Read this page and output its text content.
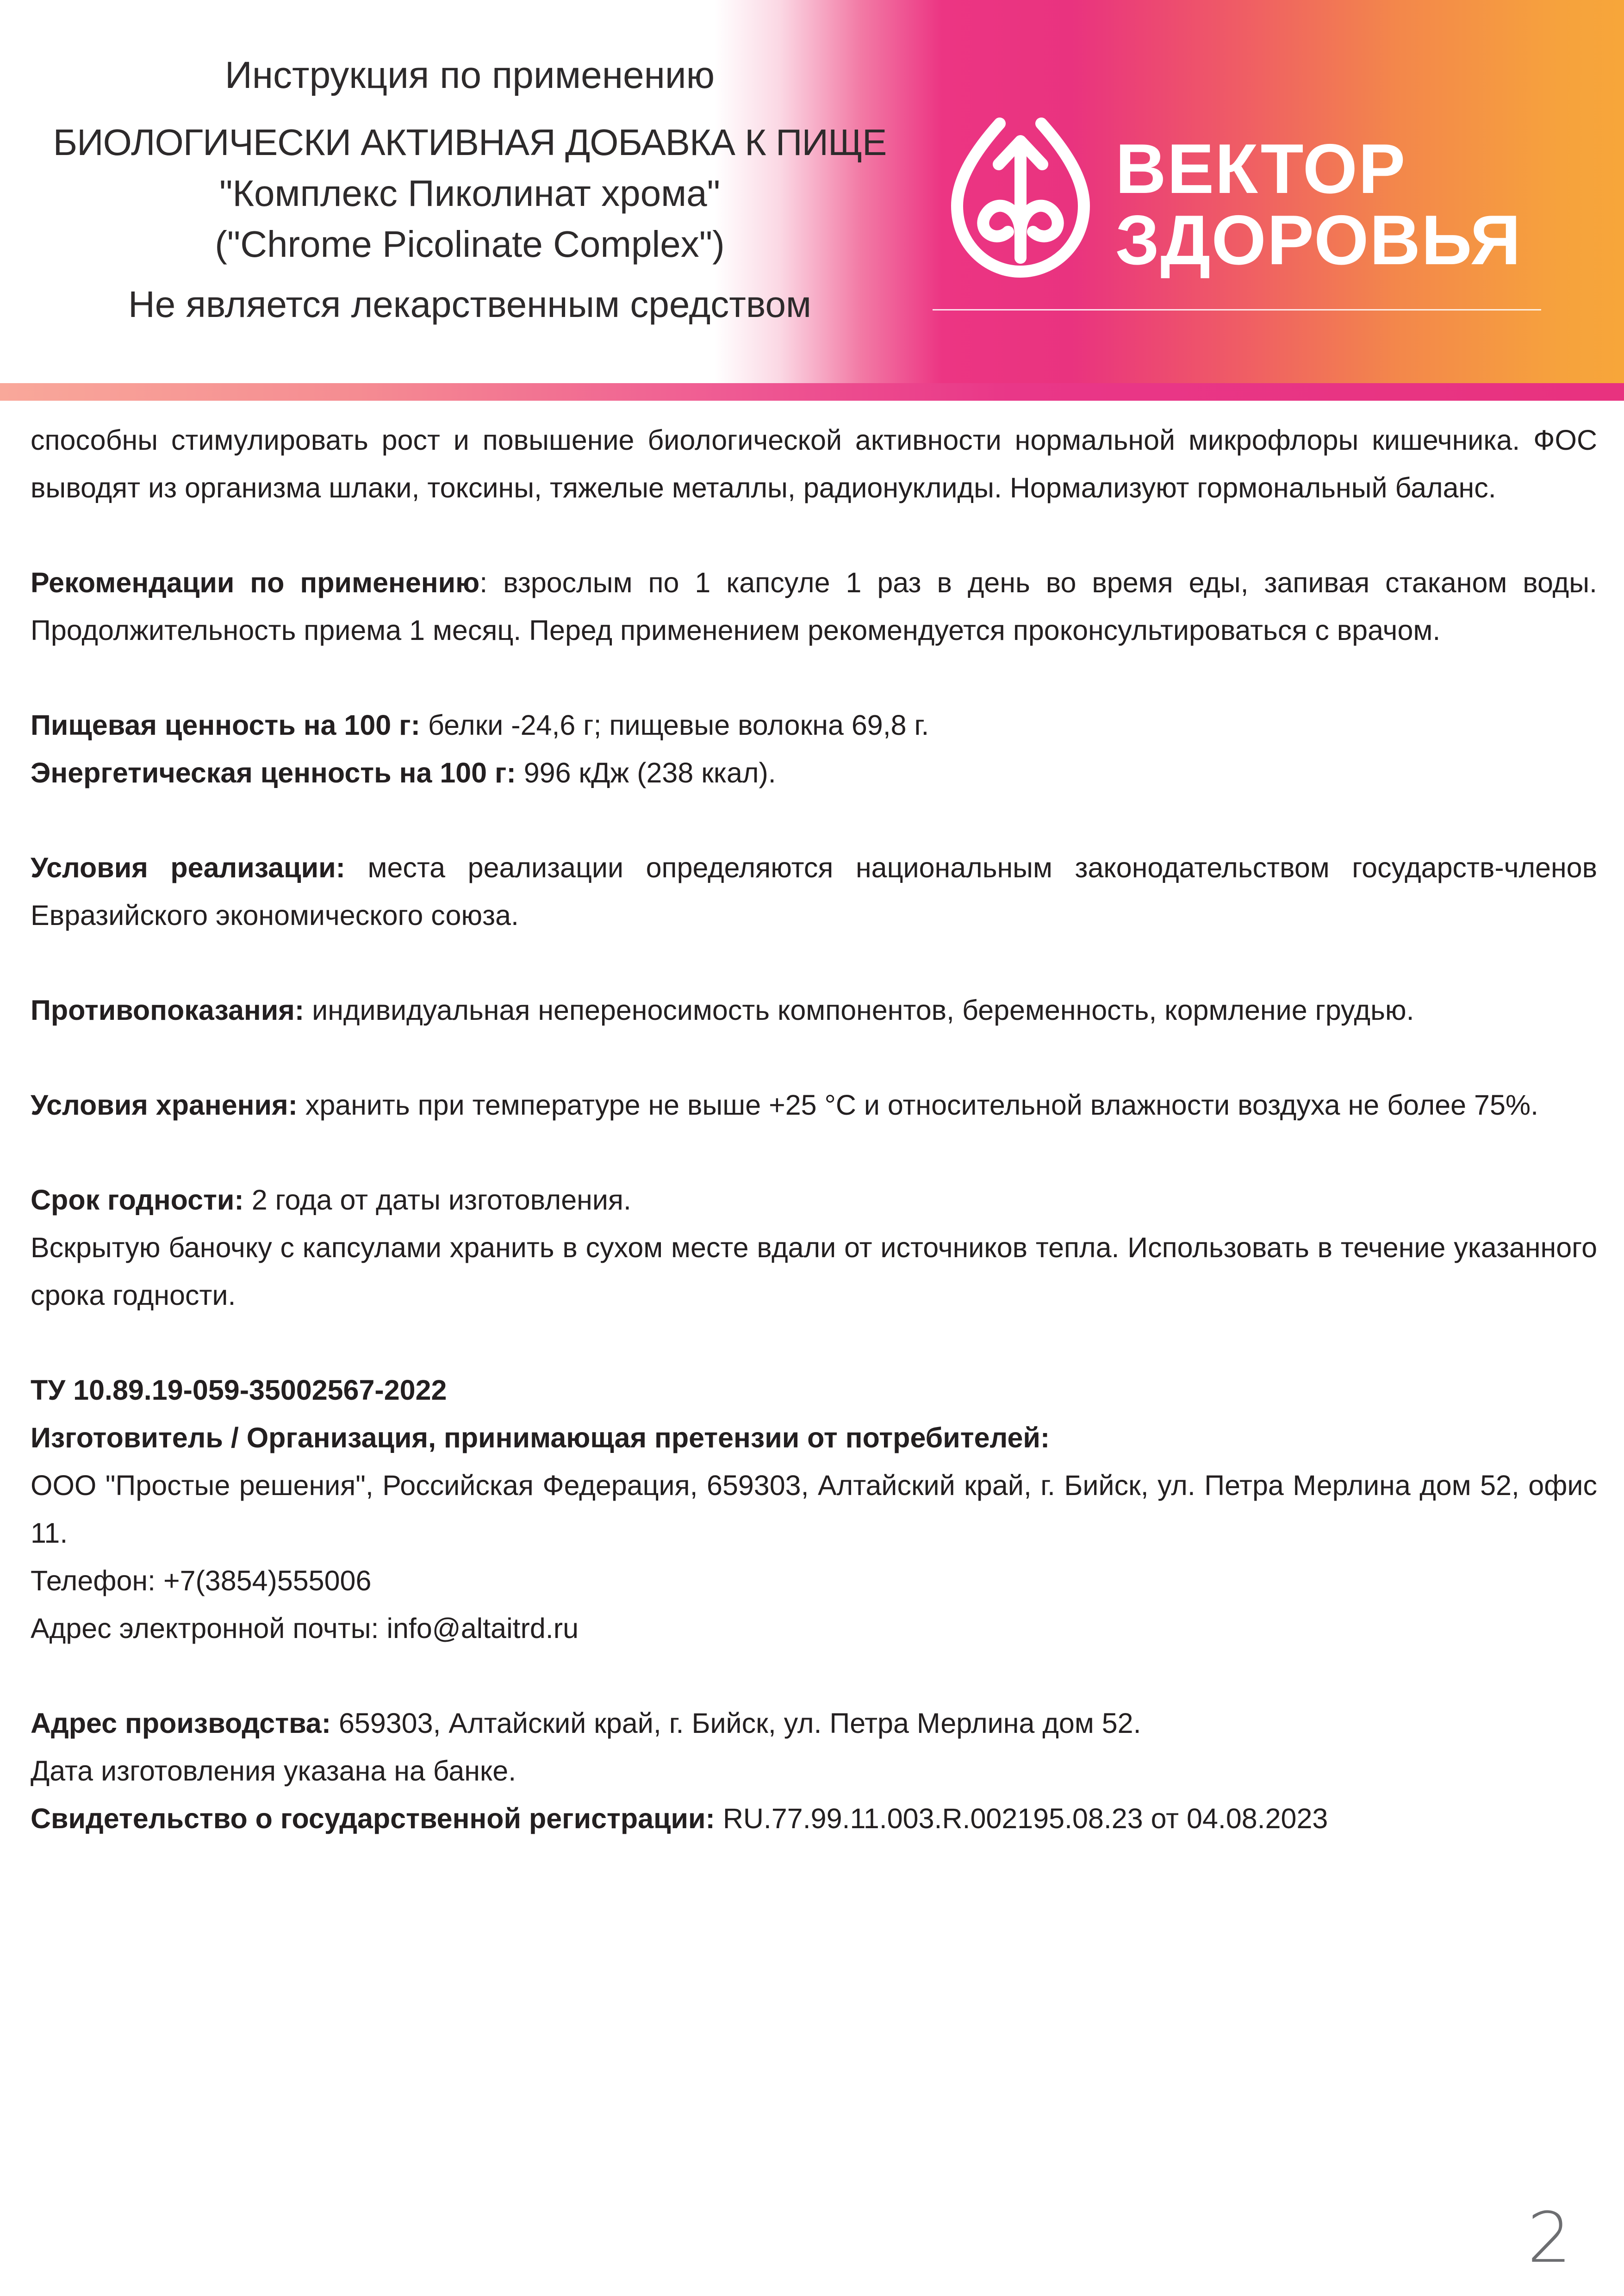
Инструкция по применению
БИОЛОГИЧЕСКИ АКТИВНАЯ ДОБАВКА К ПИЩЕ
"Комплекс Пиколинат хрома"
("Chrome Picolinate Complex")
Не является лекарственным средством
ВЕКТОР
ЗДОРОВЬЯ

способны стимулировать рост и повышение биологической активности нормальной микрофлоры кишечника. ФОС выводят из организма шлаки, токсины, тяжелые металлы, радионуклиды. Нормализуют гормональный баланс.

Рекомендации по применению: взрослым по 1 капсуле 1 раз в день во время еды, запивая стаканом воды. Продолжительность приема 1 месяц. Перед применением рекомендуется проконсультироваться с врачом.

Пищевая ценность на 100 г: белки -24,6 г; пищевые волокна 69,8 г.

Энергетическая ценность на 100 г: 996 кДж (238 ккал).

Условия реализации: места реализации определяются национальным законодательством государств-членов Евразийского экономического союза.

Противопоказания: индивидуальная непереносимость компонентов, беременность, кормление грудью.

Условия хранения: хранить при температуре не выше +25 °С и относительной влажности воздуха не более 75%.

Срок годности: 2 года от даты изготовления.

Вскрытую баночку с капсулами хранить в сухом месте вдали от источников тепла. Использовать в течение указанного срока годности.

ТУ 10.89.19-059-35002567-2022

Изготовитель / Организация, принимающая претензии от потребителей:

ООО "Простые решения", Российская Федерация, 659303, Алтайский край, г. Бийск, ул. Петра Мерлина дом 52, офис 11.

Телефон: +7(3854)555006

Адрес электронной почты: info@altaitrd.ru

Адрес производства: 659303, Алтайский край, г. Бийск, ул. Петра Мерлина дом 52.

Дата изготовления указана на банке.

Свидетельство о государственной регистрации: RU.77.99.11.003.R.002195.08.23 от 04.08.2023

2
